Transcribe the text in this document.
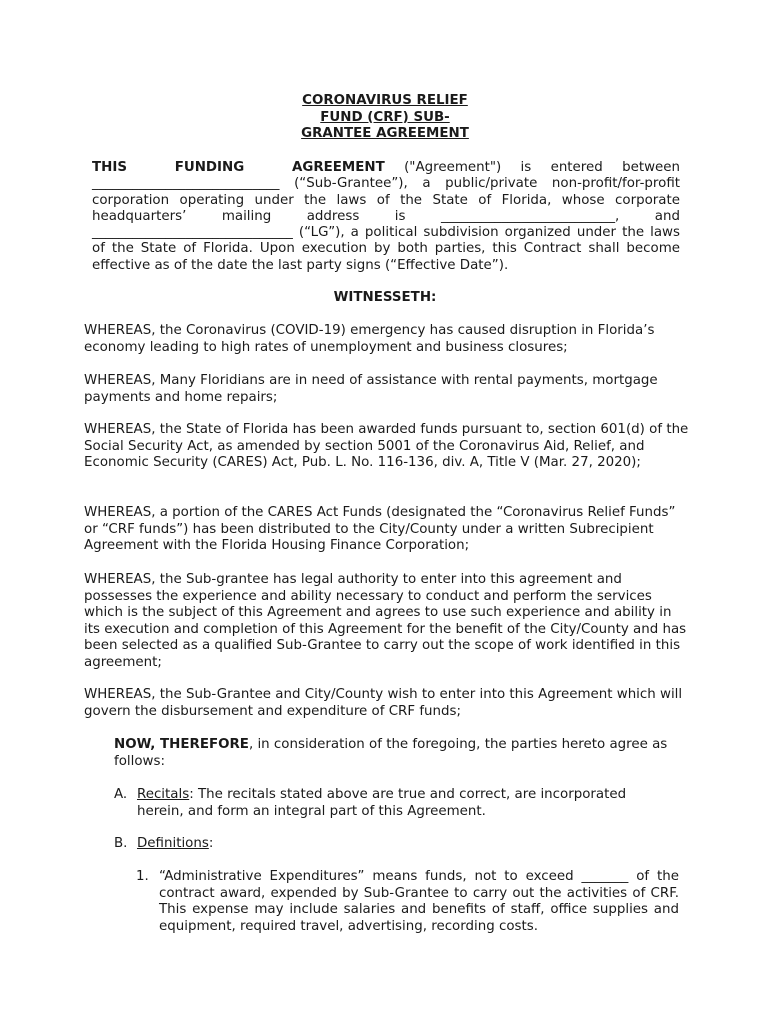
CORONAVIRUS RELIEF
FUND (CRF) SUB-
GRANTEE AGREEMENT
THIS FUNDING AGREEMENT ("Agreement") is entered between ____________________________ (“Sub-Grantee”), a public/private non-profit/for-profit corporation operating under the laws of the State of Florida, whose corporate headquarters’ mailing address is __________________________, and ______________________________ (“LG”), a political subdivision organized under the laws of the State of Florida. Upon execution by both parties, this Contract shall become effective as of the date the last party signs (“Effective Date”).
WITNESSETH:
WHEREAS, the Coronavirus (COVID-19) emergency has caused disruption in Florida’s economy leading to high rates of unemployment and business closures;
WHEREAS, Many Floridians are in need of assistance with rental payments, mortgage payments and home repairs;
WHEREAS, the State of Florida has been awarded funds pursuant to, section 601(d) of the Social Security Act, as amended by section 5001 of the Coronavirus Aid, Relief, and Economic Security (CARES) Act, Pub. L. No. 116-136, div. A, Title V (Mar. 27, 2020);
WHEREAS, a portion of the CARES Act Funds (designated the “Coronavirus Relief Funds” or “CRF funds”) has been distributed to the City/County under a written Subrecipient Agreement with the Florida Housing Finance Corporation;
WHEREAS, the Sub-grantee has legal authority to enter into this agreement and possesses the experience and ability necessary to conduct and perform the services which is the subject of this Agreement and agrees to use such experience and ability in its execution and completion of this Agreement for the benefit of the City/County and has been selected as a qualified Sub-Grantee to carry out the scope of work identified in this agreement;
WHEREAS, the Sub-Grantee and City/County wish to enter into this Agreement which will govern the disbursement and expenditure of CRF funds;
NOW, THEREFORE, in consideration of the foregoing, the parties hereto agree as follows:
A. Recitals: The recitals stated above are true and correct, are incorporated herein, and form an integral part of this Agreement.
B. Definitions:
1. “Administrative Expenditures” means funds, not to exceed _______ of the contract award, expended by Sub-Grantee to carry out the activities of CRF. This expense may include salaries and benefits of staff, office supplies and equipment, required travel, advertising, recording costs.
